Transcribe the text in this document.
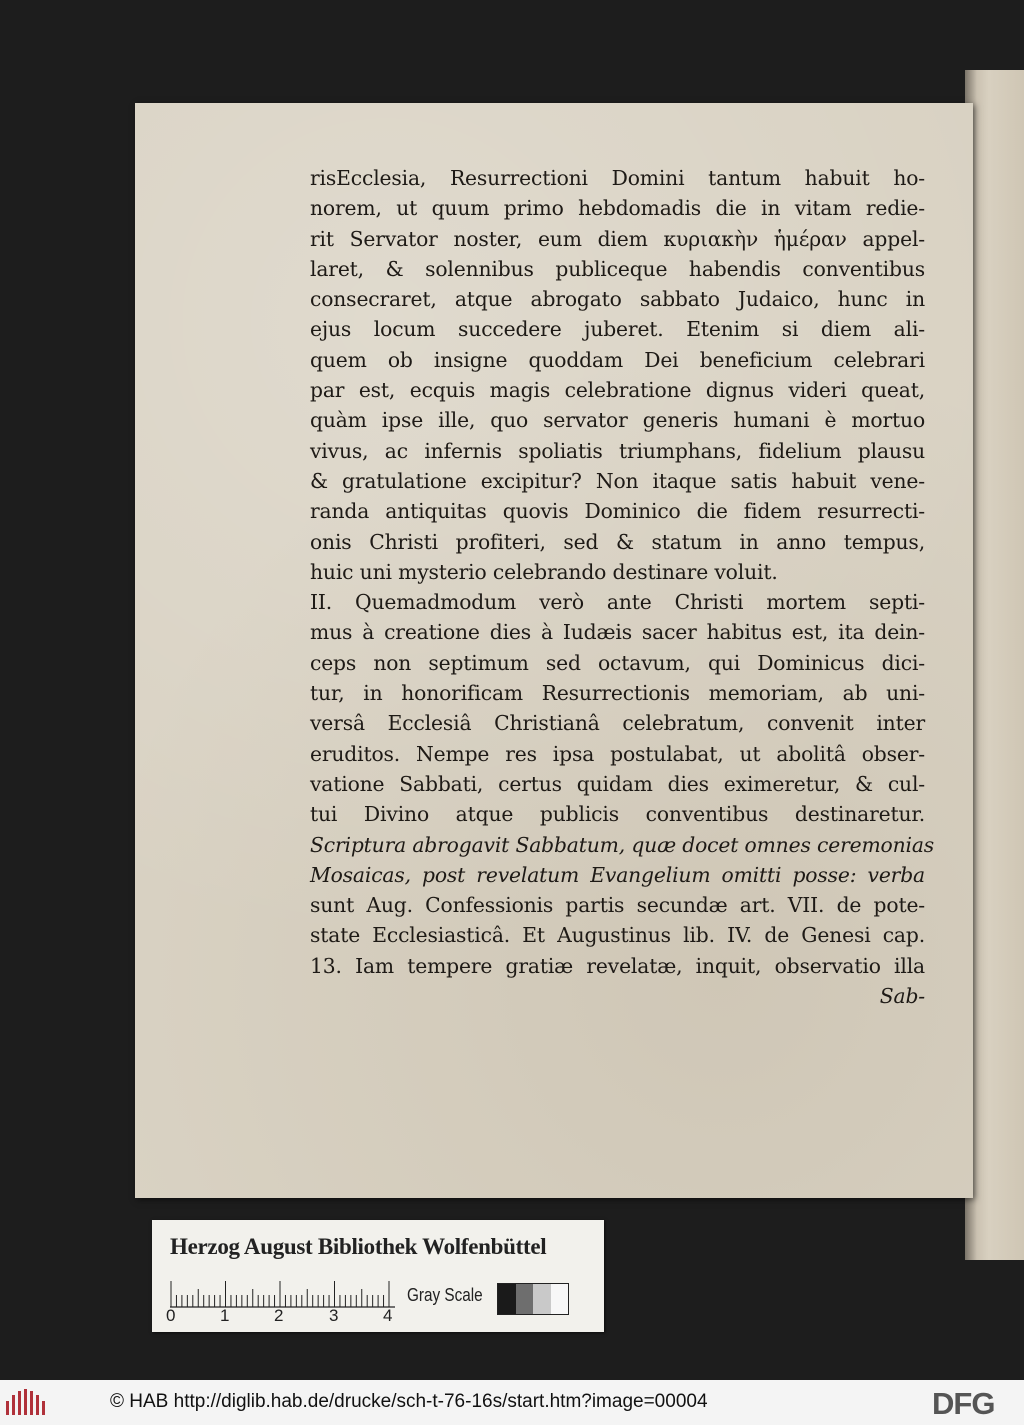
risEcclesia, Resurrectioni Domini tantum habuit ho-
norem, ut quum primo hebdomadis die in vitam redie-
rit Servator noster, eum diem κυριακὴν ἡμέραν appel-
laret, & solennibus publiceque habendis conventibus
consecraret, atque abrogato sabbato Judaico, hunc in
ejus locum succedere juberet. Etenim si diem ali-
quem ob insigne quoddam Dei beneficium celebrari
par est, ecquis magis celebratione dignus videri queat,
quàm ipse ille, quo servator generis humani è mortuo
vivus, ac infernis spoliatis triumphans, fidelium plausu
& gratulatione excipitur? Non itaque satis habuit vene-
randa antiquitas quovis Dominico die fidem resurrecti-
onis Christi profiteri, sed & statum in anno tempus,
huic uni mysterio celebrando destinare voluit.
II. Quemadmodum verò ante Christi mortem septi-
mus à creatione dies à Iudæis sacer habitus est, ita dein-
ceps non septimum sed octavum, qui Dominicus dici-
tur, in honorificam Resurrectionis memoriam, ab uni-
versâ Ecclesiâ Christianâ celebratum, convenit inter
eruditos. Nempe res ipsa postulabat, ut abolitâ obser-
vatione Sabbati, certus quidam dies eximeretur, & cul-
tui Divino atque publicis conventibus destinaretur.
Scriptura abrogavit Sabbatum, quæ docet omnes ceremonias
Mosaicas, post revelatum Evangelium omitti posse: verba
sunt Aug. Confessionis partis secundæ art. VII. de pote-
state Ecclesiasticâ. Et Augustinus lib. IV. de Genesi cap.
13. Iam tempere gratiæ revelatæ, inquit, observatio illa
Sab-
Herzog August Bibliothek Wolfenbüttel
0	1	2	3	4
Gray Scale
© HAB http://diglib.hab.de/drucke/sch-t-76-16s/start.htm?image=00004	DFG
